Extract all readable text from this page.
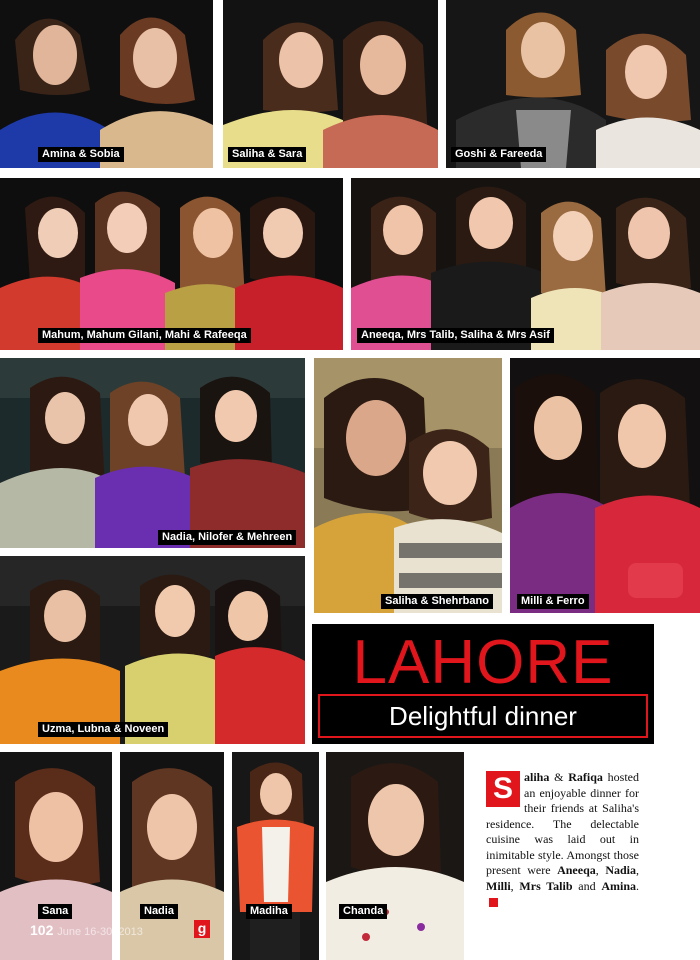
Amina & Sobia	Saliha & Sara	Goshi & Fareeda
Mahum, Mahum Gilani, Mahi & Rafeeqa	Aneeqa, Mrs Talib, Saliha & Mrs Asif
Nadia, Nilofer & Mehreen
Saliha & Shehrbano	Milli & Ferro
Uzma, Lubna & Noveen
LAHORE
Delightful dinner
Sana	Nadia
g
Madiha	Chanda
102 June 16-30, 2013
S aliha & Rafiqa hosted an enjoyable dinner for their friends at Saliha's residence. The delectable cuisine was laid out in inimitable style. Amongst those present were Aneeqa, Nadia, Milli, Mrs Talib and Amina.
